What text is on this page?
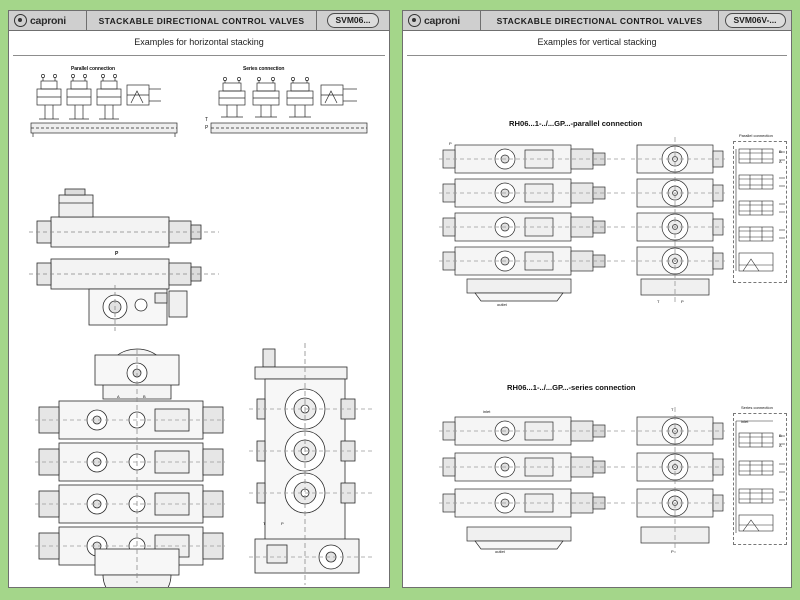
caproni	STACKABLE DIRECTIONAL CONTROL VALVES	SVM06...
Examples for horizontal stacking
Parallel connection	Series connection
T
P
P
A	B
T	P
caproni	STACKABLE DIRECTIONAL CONTROL VALVES	SVM06V-...
Examples for vertical stacking
RH06...1-../...GP...-parallel connection
P
outlet
T	P
Parallel connection
B
A
RH06...1-../...GP...-series connection
inlet
outlet
T
P
Series connection
inlet
B
A
